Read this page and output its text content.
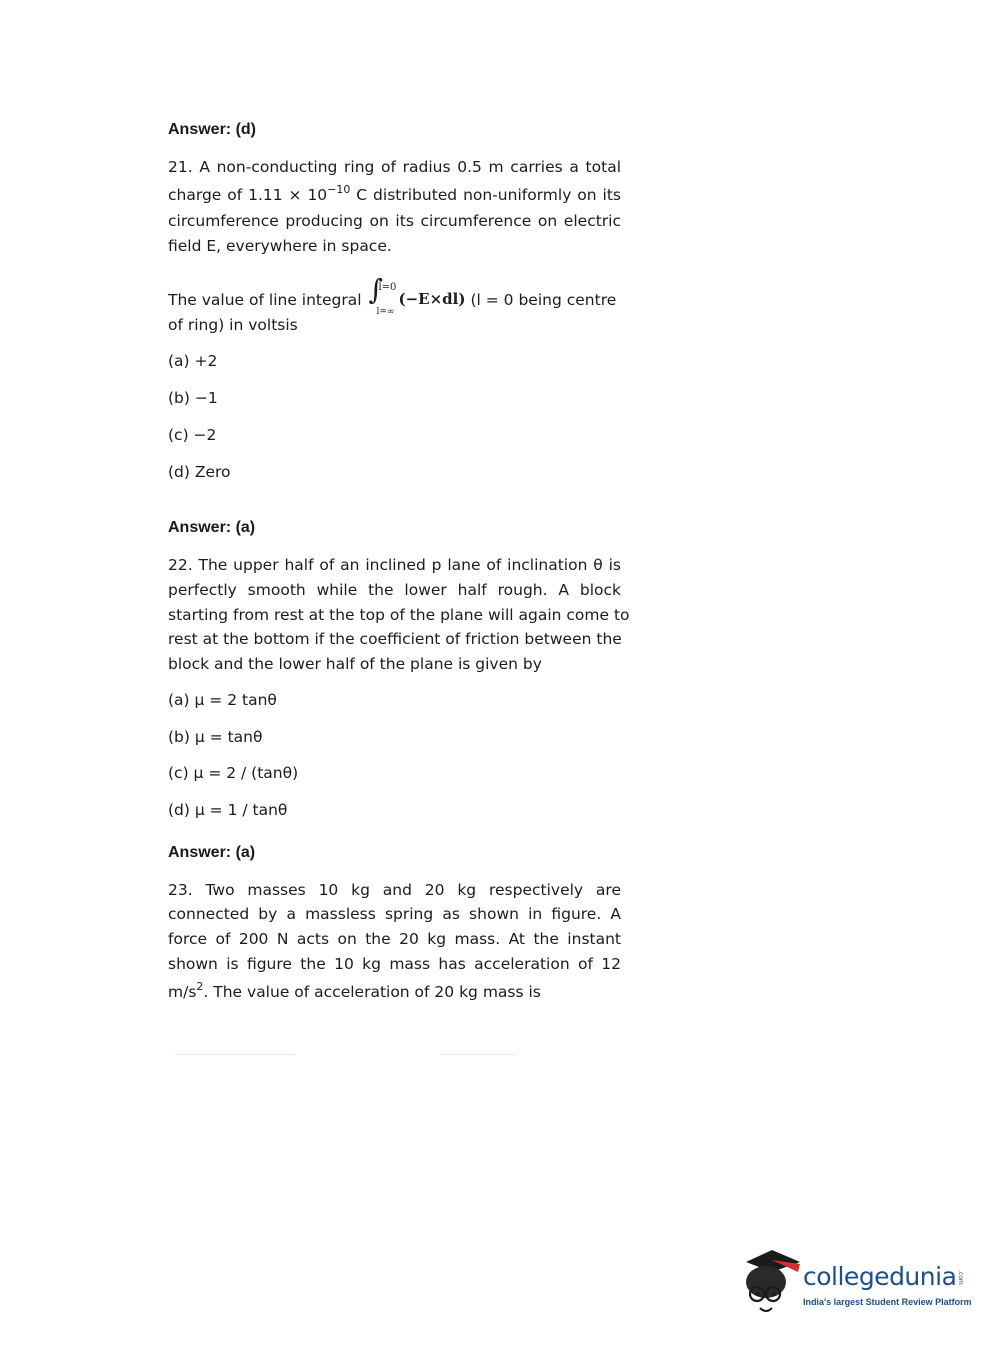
Answer: (d)

21. A non-conducting ring of radius 0.5 m carries a total

charge of $1.11 \times 10^{-10}$ C distributed non-uniformly on its

circumference producing on its circumference on electric

field E, everywhere in space.

The value of line integral ∫
l=0
l=∞
(−E×dl) (l = 0 being centre

of ring) in voltsis

(a) +2

(b) −1

(c) −2

(d) Zero

Answer: (a)

22. The upper half of an inclined p lane of inclination θ is

perfectly smooth while the lower half rough. A block

starting from rest at the top of the plane will again come to

rest at the bottom if the coefficient of friction between the

block and the lower half of the plane is given by

(a) μ = 2 tanθ

(b) μ = tanθ

(c) μ = 2 / (tanθ)

(d) μ = 1 / tanθ

Answer: (a)

23. Two masses 10 kg and 20 kg respectively are

connected by a massless spring as shown in figure. A

force of 200 N acts on the 20 kg mass. At the instant

shown is figure the 10 kg mass has acceleration of 12

$m/s^2$. The value of acceleration of 20 kg mass is

collegedunia .com
India's largest Student Review Platform
